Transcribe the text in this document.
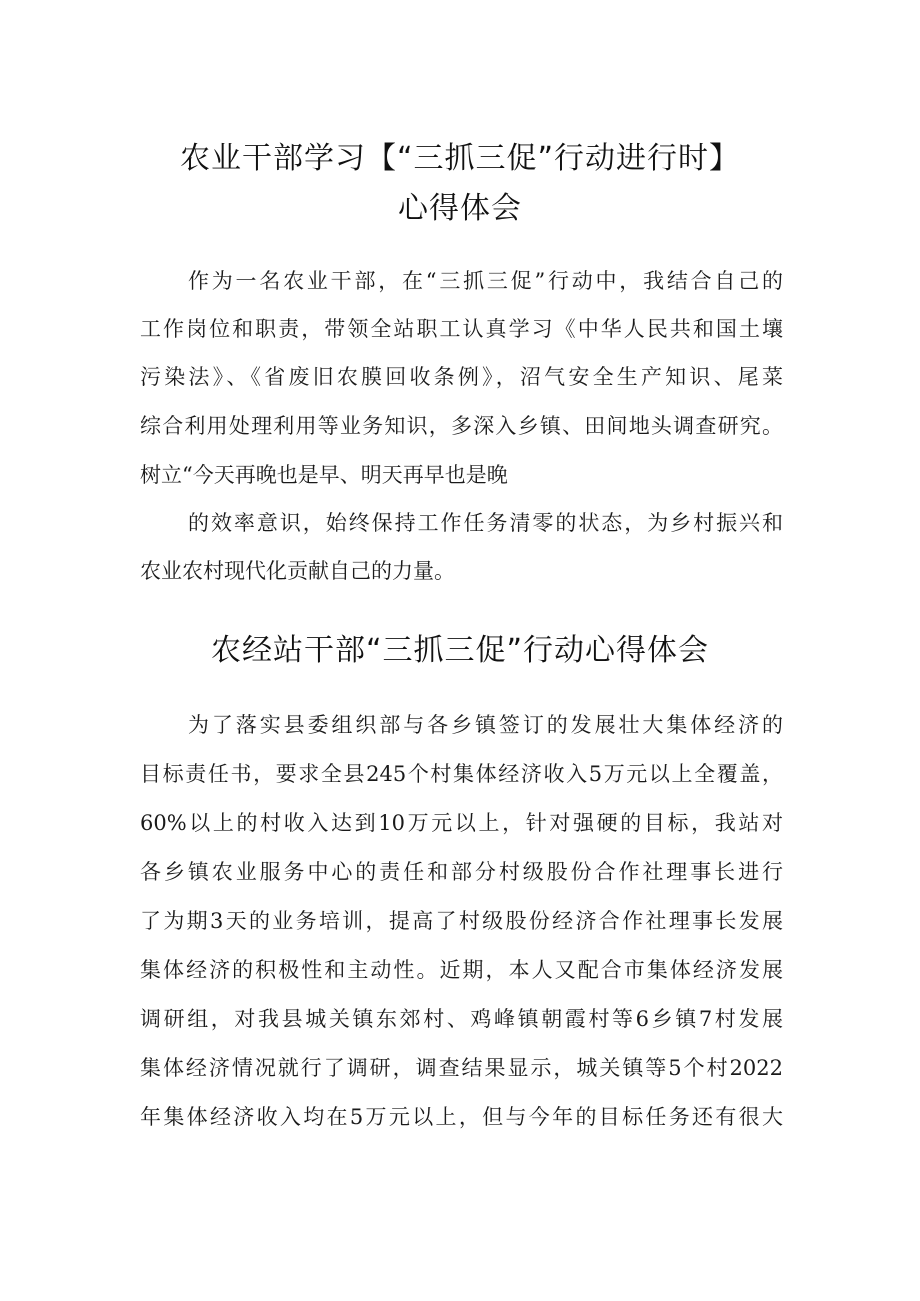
农业干部学习【“三抓三促”行动进行时】
心得体会
作为一名农业干部，在“三抓三促”行动中，我结合自己的
工作岗位和职责，带领全站职工认真学习《中华人民共和国土壤
污染法》、《省废旧农膜回收条例》，沼气安全生产知识、尾菜
综合利用处理利用等业务知识，多深入乡镇、田间地头调查研究。
树立“今天再晚也是早、明天再早也是晚
的效率意识，始终保持工作任务清零的状态，为乡村振兴和
农业农村现代化贡献自己的力量。
农经站干部“三抓三促”行动心得体会
为了落实县委组织部与各乡镇签订的发展壮大集体经济的
目标责任书，要求全县245个村集体经济收入5万元以上全覆盖，
60%以上的村收入达到10万元以上，针对强硬的目标，我站对
各乡镇农业服务中心的责任和部分村级股份合作社理事长进行
了为期3天的业务培训，提高了村级股份经济合作社理事长发展
集体经济的积极性和主动性。近期，本人又配合市集体经济发展
调研组，对我县城关镇东郊村、鸡峰镇朝霞村等6乡镇7村发展
集体经济情况就行了调研，调查结果显示，城关镇等5个村2022
年集体经济收入均在5万元以上，但与今年的目标任务还有很大
